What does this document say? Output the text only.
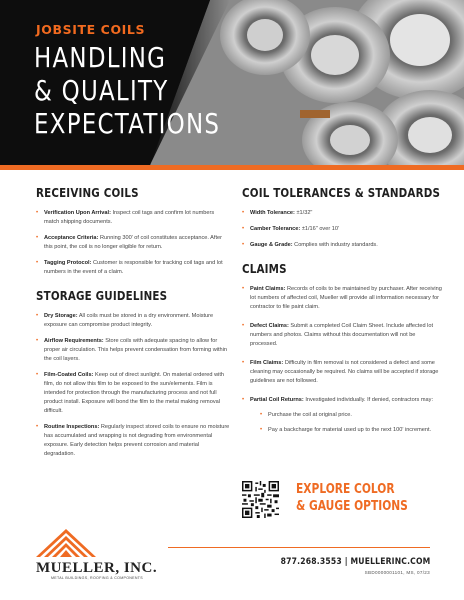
JOBSITE COILS
HANDLING
& QUALITY
EXPECTATIONS
RECEIVING COILS
• Verification Upon Arrival: Inspect coil tags and confirm lot numbers match shipping documents.
• Acceptance Criteria: Running 300' of coil constitutes acceptance. After this point, the coil is no longer eligible for return.
• Tagging Protocol: Customer is responsible for tracking coil tags and lot numbers in the event of a claim.
STORAGE GUIDELINES
• Dry Storage: All coils must be stored in a dry environment. Moisture exposure can compromise product integrity.
• Airflow Requirements: Store coils with adequate spacing to allow for proper air circulation. This helps prevent condensation from forming within the coil layers.
• Film-Coated Coils: Keep out of direct sunlight. On material ordered with film, do not allow this film to be exposed to the sun/elements. Film is intended for protection through the manufacturing process and not full product install. Exposure will bond the film to the metal making removal difficult.
• Routine Inspections: Regularly inspect stored coils to ensure no moisture has accumulated and wrapping is not degrading from environmental exposure. Early detection helps prevent corrosion and material degradation.
COIL TOLERANCES & STANDARDS
• Width Tolerance: ±1/32"
• Camber Tolerance: ±1/16" over 10'
• Gauge & Grade: Complies with industry standards.
CLAIMS
• Paint Claims: Records of coils to be maintained by purchaser. After receiving lot numbers of affected coil, Mueller will provide all information necessary for contractor to file paint claim.
• Defect Claims: Submit a completed Coil Claim Sheet. Include affected lot numbers and photos. Claims without this documentation will not be processed.
• Film Claims: Difficulty in film removal is not considered a defect and some cleaning may occasionally be required. No claims will be accepted if storage guidelines are not followed.
• Partial Coil Returns: Investigated individually. If denied, contractors may:
• Purchase the coil at original price.
• Pay a backcharge for material used up to the next 100' increment.
EXPLORE COLOR
& GAUGE OPTIONS
MUELLER, INC.
METAL BUILDINGS, ROOFING & COMPONENTS
877.268.3553 | MUELLERINC.COM
SBD0000001101, MS, 07/23
